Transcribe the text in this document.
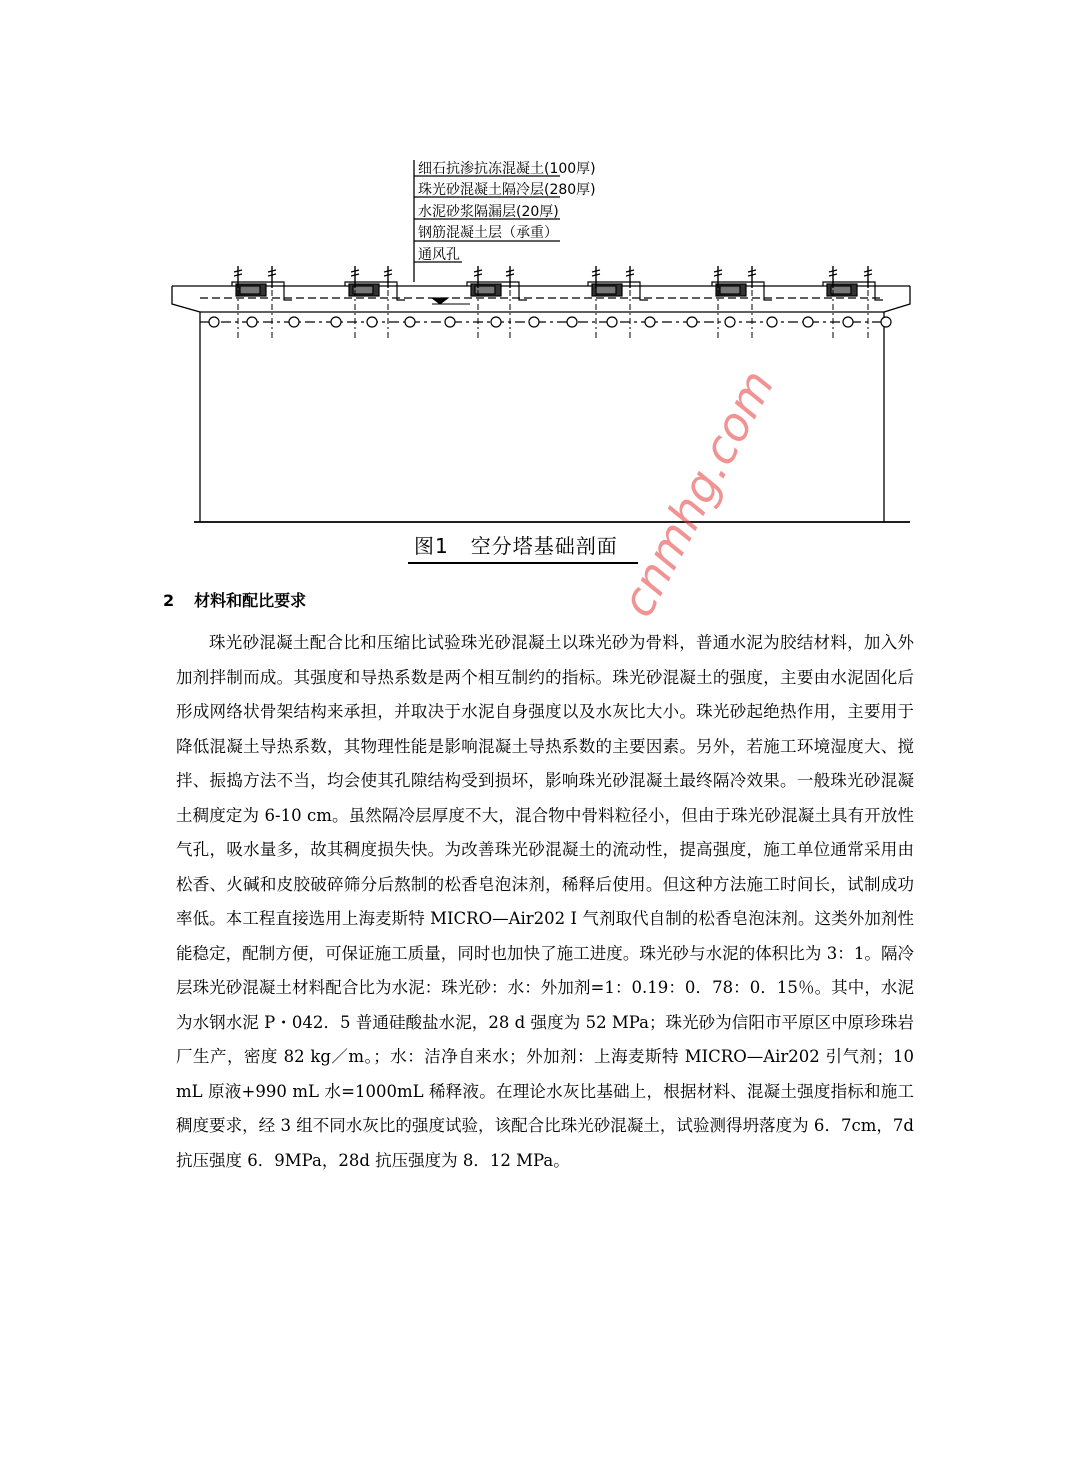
细石抗渗抗冻混凝土(100厚)
珠光砂混凝土隔冷层(280厚)
水泥砂浆隔漏层(20厚)
钢筋混凝土层（承重）
通风孔
图1   空分塔基础剖面
2 材料和配比要求

珠光砂混凝土配合比和压缩比试验珠光砂混凝土以珠光砂为骨料，普通水泥为胶结材料，加入外加剂拌制而成。其强度和导热系数是两个相互制约的指标。珠光砂混凝土的强度，主要由水泥固化后形成网络状骨架结构来承担，并取决于水泥自身强度以及水灰比大小。珠光砂起绝热作用，主要用于降低混凝土导热系数，其物理性能是影响混凝土导热系数的主要因素。另外，若施工环境湿度大、搅拌、振捣方法不当，均会使其孔隙结构受到损坏，影响珠光砂混凝土最终隔冷效果。一般珠光砂混凝土稠度定为 6-10 cm。虽然隔冷层厚度不大，混合物中骨料粒径小，但由于珠光砂混凝土具有开放性气孔，吸水量多，故其稠度损失快。为改善珠光砂混凝土的流动性，提高强度，施工单位通常采用由松香、火碱和皮胶破碎筛分后熬制的松香皂泡沫剂，稀释后使用。但这种方法施工时间长，试制成功率低。本工程直接选用上海麦斯特 MICRO—Air202 I 气剂取代自制的松香皂泡沫剂。这类外加剂性能稳定，配制方便，可保证施工质量，同时也加快了施工进度。珠光砂与水泥的体积比为 3：1。隔冷层珠光砂混凝土材料配合比为水泥：珠光砂：水：外加剂=1：0.19：0．78：0．15％。其中，水泥为水钢水泥 P・042．5 普通硅酸盐水泥，28 d 强度为 52 MPa；珠光砂为信阳市平原区中原珍珠岩厂生产，密度 82 kg／m。；水：洁净自来水；外加剂：上海麦斯特 MICRO—Air202 引气剂；10 mL 原液+990 mL 水=1000mL 稀释液。在理论水灰比基础上，根据材料、混凝土强度指标和施工稠度要求，经 3 组不同水灰比的强度试验，该配合比珠光砂混凝土，试验测得坍落度为 6．7cm，7d 抗压强度 6．9MPa，28d 抗压强度为 8．12 MPa。

cnmhg.com
